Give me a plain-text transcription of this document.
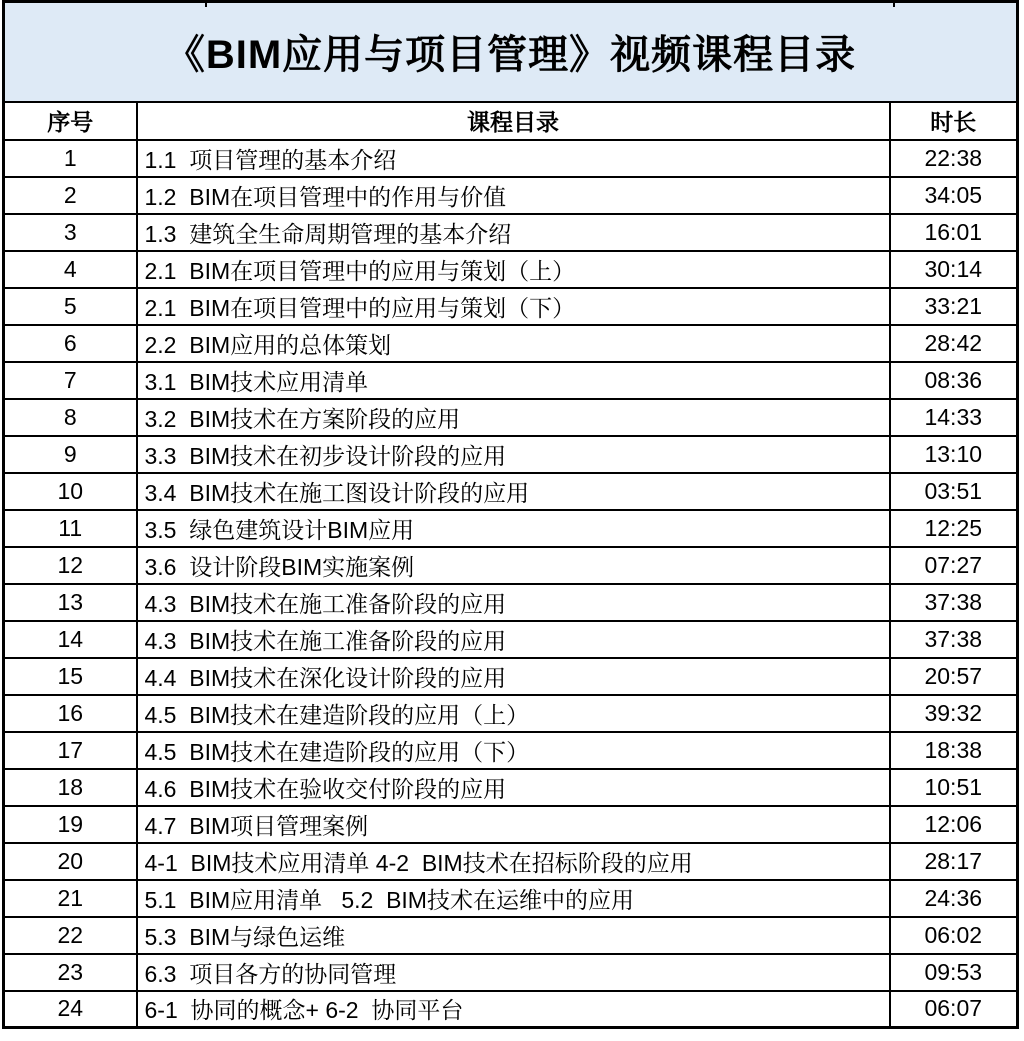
《BIM应用与项目管理》视频课程目录		
序号	课程目录	时长
1	1.1  项目管理的基本介绍	22:38
2	1.2  BIM在项目管理中的作用与价值	34:05
3	1.3  建筑全生命周期管理的基本介绍	16:01
4	2.1  BIM在项目管理中的应用与策划（上）	30:14
5	2.1  BIM在项目管理中的应用与策划（下）	33:21
6	2.2  BIM应用的总体策划	28:42
7	3.1  BIM技术应用清单	08:36
8	3.2  BIM技术在方案阶段的应用	14:33
9	3.3  BIM技术在初步设计阶段的应用	13:10
10	3.4  BIM技术在施工图设计阶段的应用	03:51
11	3.5  绿色建筑设计BIM应用	12:25
12	3.6  设计阶段BIM实施案例	07:27
13	4.3  BIM技术在施工准备阶段的应用	37:38
14	4.3  BIM技术在施工准备阶段的应用	37:38
15	4.4  BIM技术在深化设计阶段的应用	20:57
16	4.5  BIM技术在建造阶段的应用（上）	39:32
17	4.5  BIM技术在建造阶段的应用（下）	18:38
18	4.6  BIM技术在验收交付阶段的应用	10:51
19	4.7  BIM项目管理案例	12:06
20	4-1  BIM技术应用清单 4-2  BIM技术在招标阶段的应用	28:17
21	5.1  BIM应用清单   5.2  BIM技术在运维中的应用	24:36
22	5.3  BIM与绿色运维	06:02
23	6.3  项目各方的协同管理	09:53
24	6-1  协同的概念+ 6-2  协同平台	06:07
